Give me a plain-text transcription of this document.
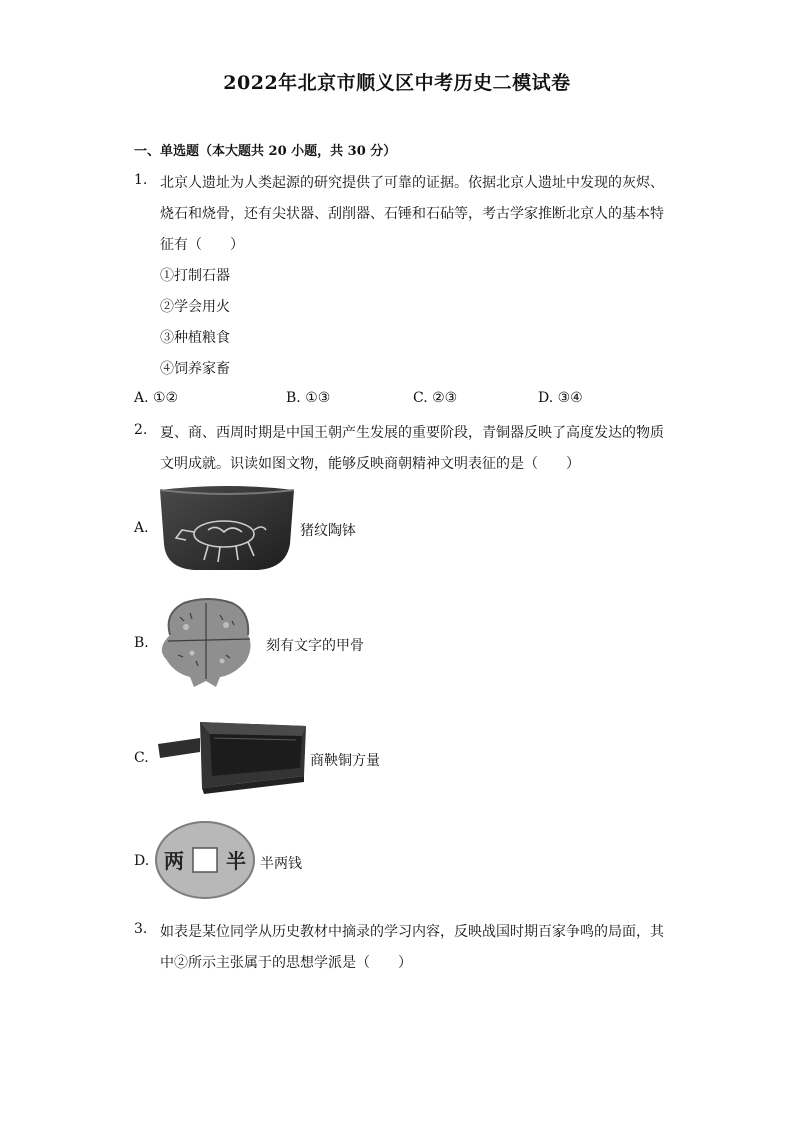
2022年北京市顺义区中考历史二模试卷
一、单选题（本大题共 20 小题，共 30 分）
1. 北京人遗址为人类起源的研究提供了可靠的证据。依据北京人遗址中发现的灰烬、
烧石和烧骨，还有尖状器、刮削器、石锤和石砧等，考古学家推断北京人的基本特
征有（　　）
①打制石器
②学会用火
③种植粮食
④饲养家畜
A. ①②	B. ①③	C. ②③	D. ③④
2. 夏、商、西周时期是中国王朝产生发展的重要阶段，青铜器反映了高度发达的物质
文明成就。识读如图文物，能够反映商朝精神文明表征的是（　　）
A.	猪纹陶钵
B.	刻有文字的甲骨
C.	商鞅铜方量
D. 两 半 半两钱
3. 如表是某位同学从历史教材中摘录的学习内容，反映战国时期百家争鸣的局面，其
中②所示主张属于的思想学派是（　　）
